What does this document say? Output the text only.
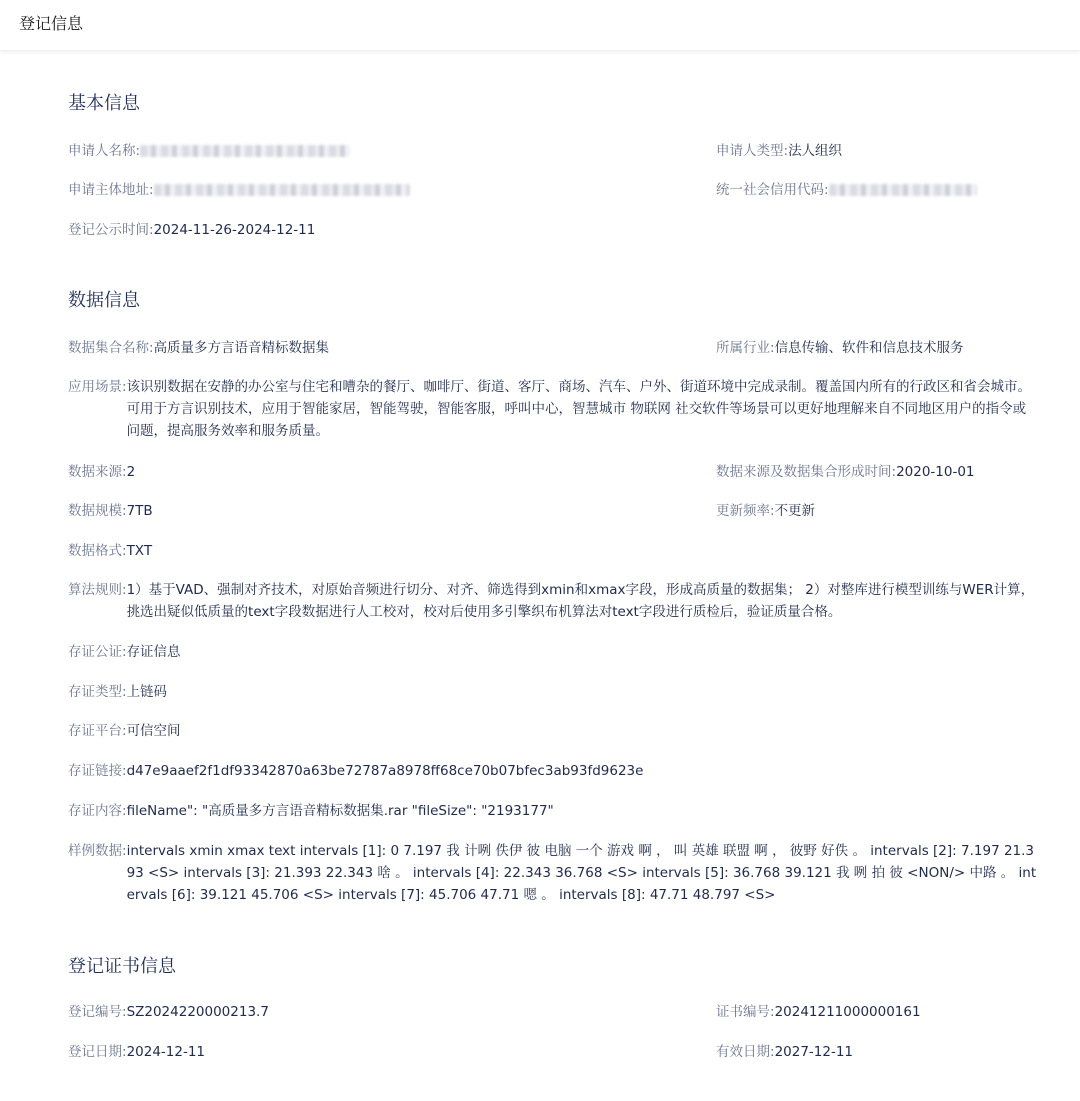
登记信息
基本信息
申请人名称:	申请人类型: 法人组织
申请主体地址:	统一社会信用代码:
登记公示时间: 2024-11-26-2024-12-11
数据信息
数据集合名称: 高质量多方言语音精标数据集	所属行业: 信息传输、软件和信息技术服务
应用场景: 该识别数据在安静的办公室与住宅和嘈杂的餐厅、咖啡厅、街道、客厅、商场、汽车、户外、街道环境中完成录制。覆盖国内所有的行政区和省会城市。可用于方言识别技术，应用于智能家居，智能驾驶，智能客服，呼叫中心，智慧城市 物联网 社交软件等场景可以更好地理解来自不同地区用户的指令或问题，提高服务效率和服务质量。
数据来源: 2	数据来源及数据集合形成时间: 2020-10-01
数据规模: 7TB	更新频率: 不更新
数据格式: TXT
算法规则: 1）基于VAD、强制对齐技术，对原始音频进行切分、对齐、筛选得到xmin和xmax字段，形成高质量的数据集； 2）对整库进行模型训练与WER计算，挑选出疑似低质量的text字段数据进行人工校对，校对后使用多引擎织布机算法对text字段进行质检后，验证质量合格。
存证公证: 存证信息
存证类型: 上链码
存证平台: 可信空间
存证链接: d47e9aaef2f1df93342870a63be72787a8978ff68ce70b07bfec3ab93fd9623e
存证内容: fileName": "高质量多方言语音精标数据集.rar "fileSize": "2193177"
样例数据: intervals xmin xmax text intervals [1]: 0 7.197 我 计咧 佚伊 彼 电脑 一个 游戏 啊 ， 叫 英雄 联盟 啊 ， 彼野 好佚 。 intervals [2]: 7.197 21.393 <S> intervals [3]: 21.393 22.343 啥 。 intervals [4]: 22.343 36.768 <S> intervals [5]: 36.768 39.121 我 咧 拍 彼 <NON/> 中路 。 intervals [6]: 39.121 45.706 <S> intervals [7]: 45.706 47.71 嗯 。 intervals [8]: 47.71 48.797 <S>
登记证书信息
登记编号: SZ2024220000213.7	证书编号: 20241211000000161
登记日期: 2024-12-11	有效日期: 2027-12-11
